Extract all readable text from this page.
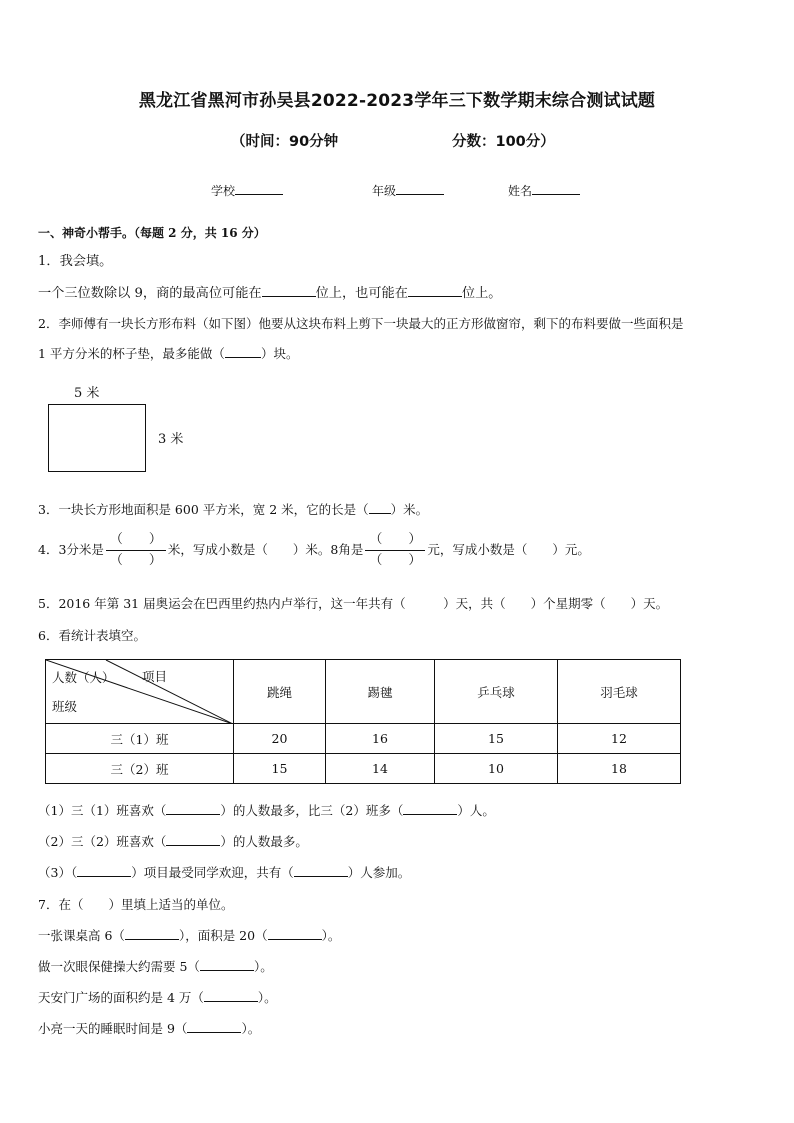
黑龙江省黑河市孙吴县2022-2023学年三下数学期末综合测试试题
（时间：90分钟	分数：100分）
学校	年级	姓名
一、神奇小帮手。（每题 2 分，共 16 分）
1．我会填。
一个三位数除以 9，商的最高位可能在	位上，也可能在	位上。
2．李师傅有一块长方形布料（如下图）他要从这块布料上剪下一块最大的正方形做窗帘，剩下的布料要做一些面积是
1 平方分米的杯子垫，最多能做（	）块。
5 米
3 米
3．一块长方形地面积是 600 平方米，宽 2 米，它的长是（ ）米。
4．3分米是 $\frac{( )}{( )}$ 米，写成小数是（　　）米。8角是 $\frac{( )}{( )}$ 元，写成小数是（　　）元。
5．2016 年第 31 届奥运会在巴西里约热内卢举行，这一年共有（　　　）天，共（　　）个星期零（　　）天。
6．看统计表填空。
人数（人） 项目
班级	跳绳	踢毽	乒乓球	羽毛球
三（1）班	20	16	15	12
三（2）班	15	14	10	18
（1）三（1）班喜欢（	）的人数最多，比三（2）班多（	）人。
（2）三（2）班喜欢（	）的人数最多。
（3）（	）项目最受同学欢迎，共有（	）人参加。
7．在（　　）里填上适当的单位。
一张课桌高 6（	），面积是 20（	）。
做一次眼保健操大约需要 5（	）。
天安门广场的面积约是 4 万（	）。
小亮一天的睡眠时间是 9（	）。
